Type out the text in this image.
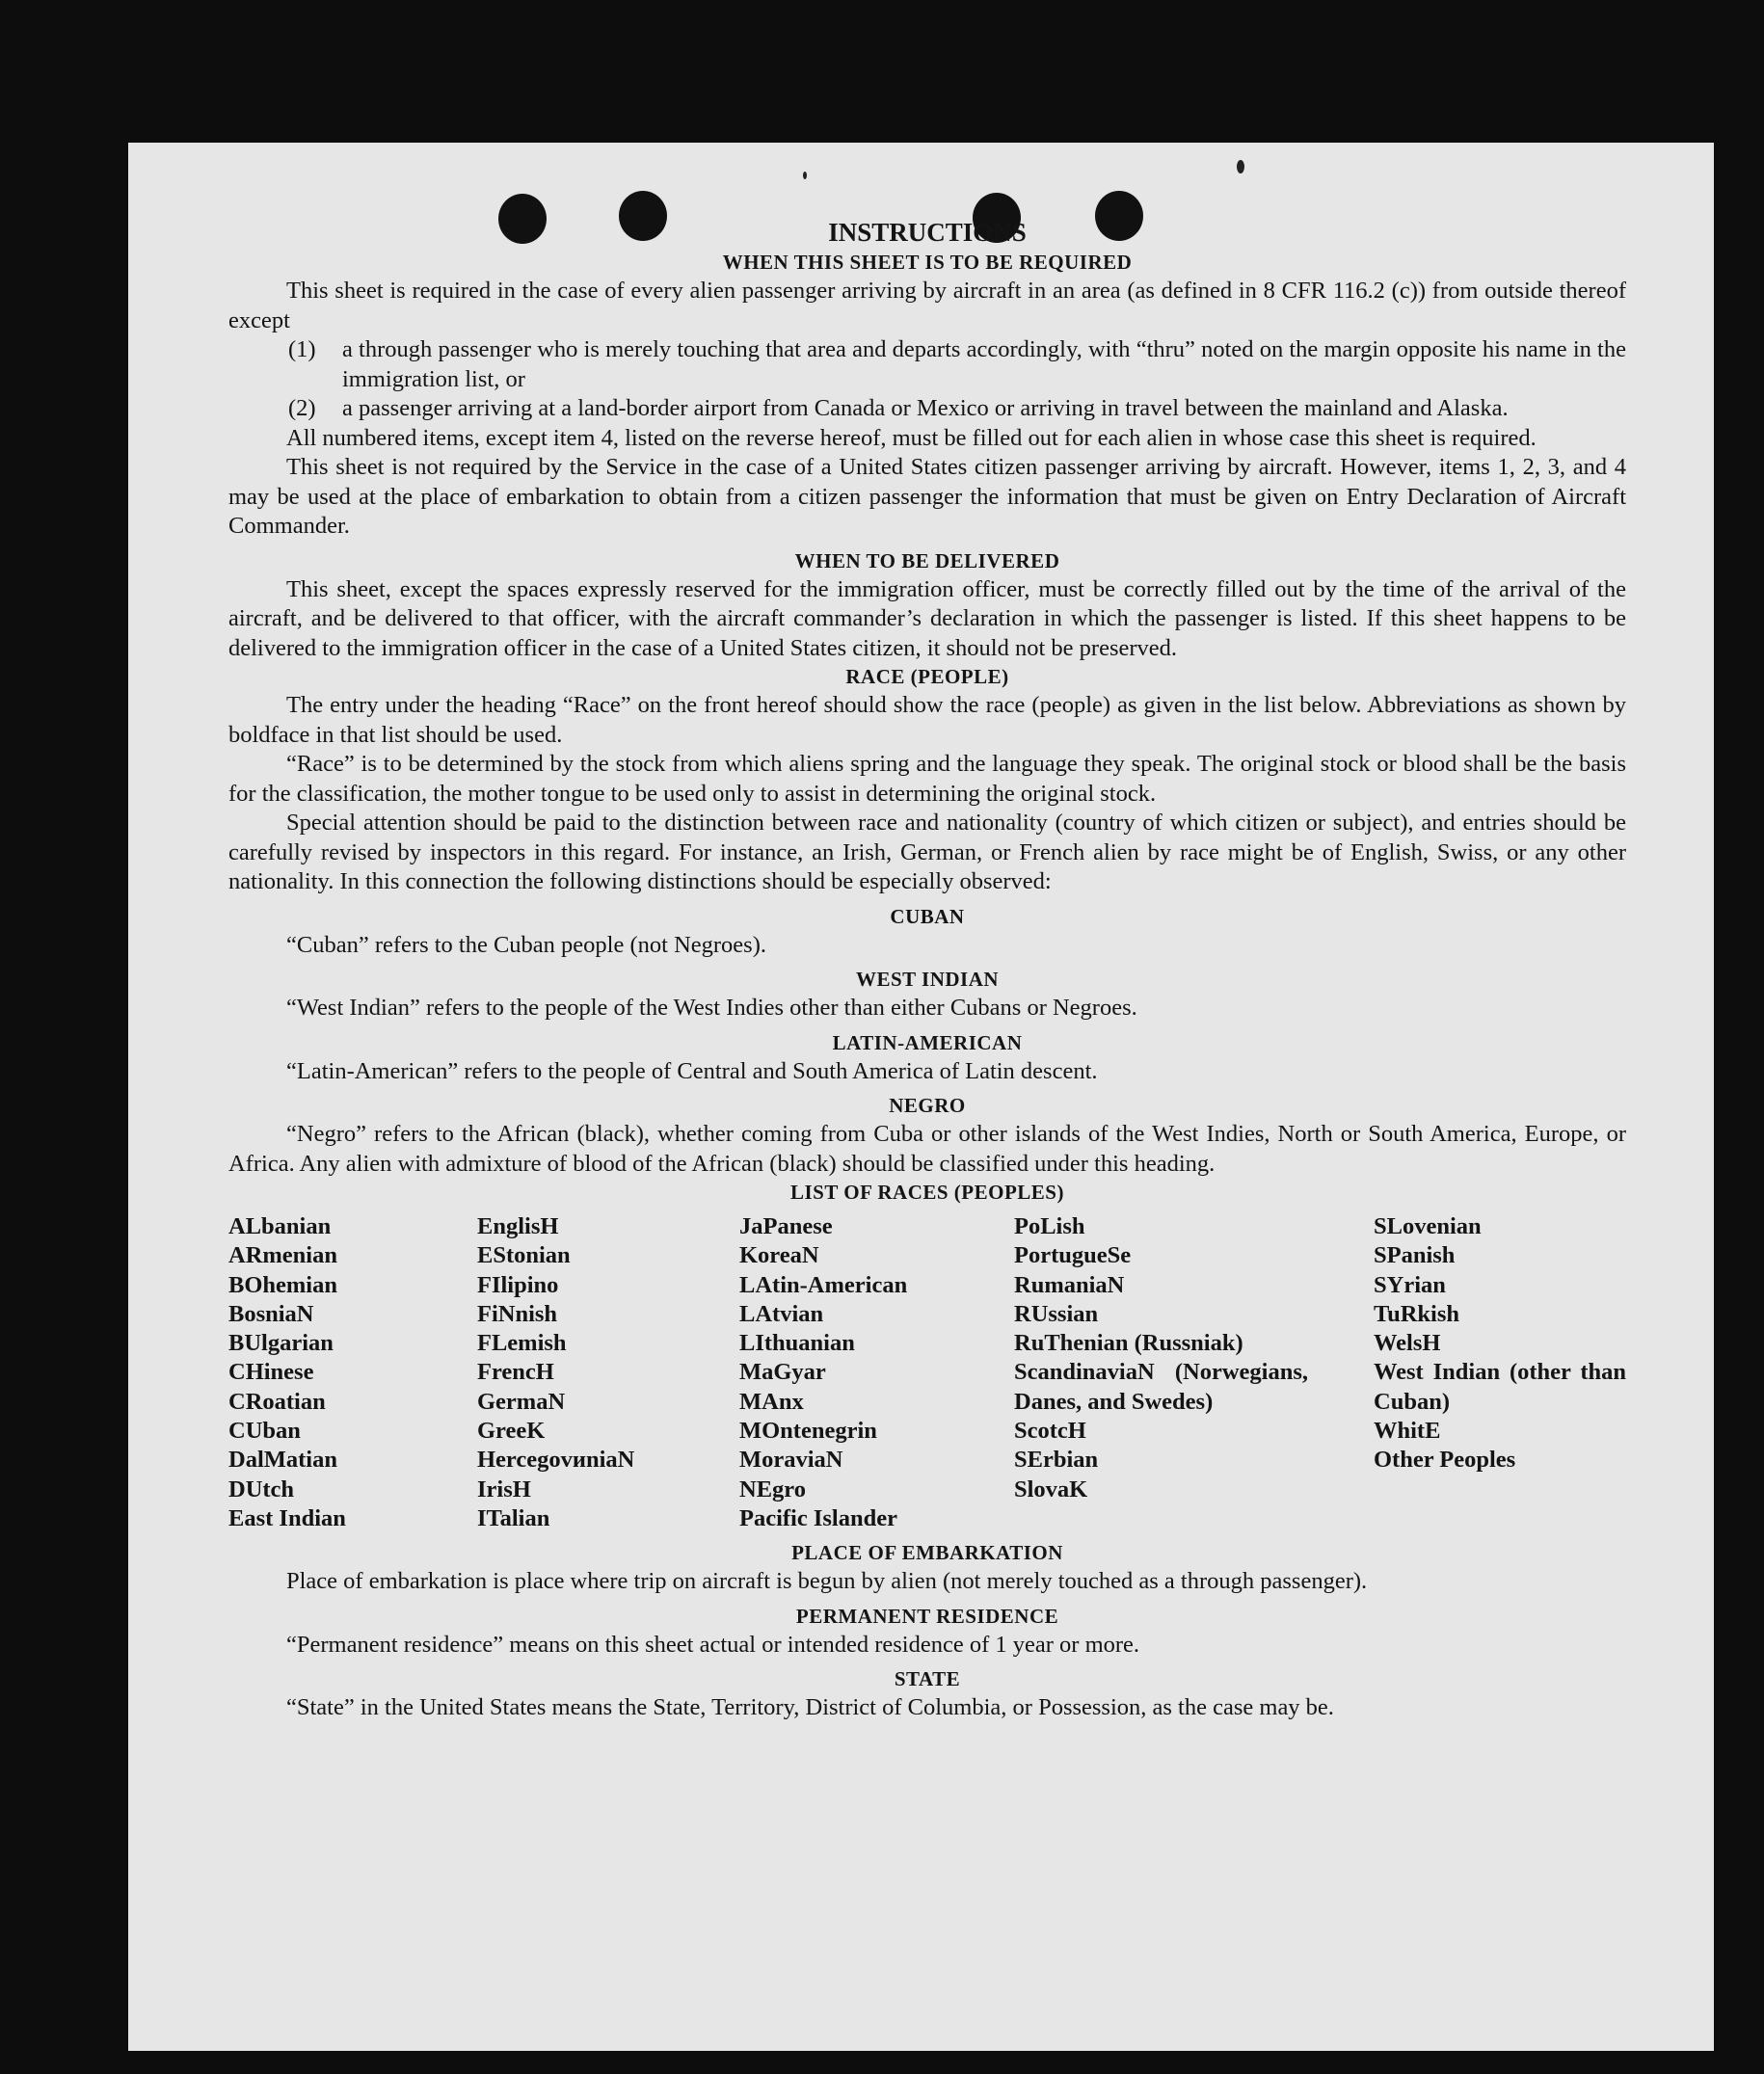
INSTRUCTIONS
WHEN THIS SHEET IS TO BE REQUIRED

This sheet is required in the case of every alien passenger arriving by aircraft in an area (as defined in 8 CFR 116.2 (c)) from outside thereof except

(1) a through passenger who is merely touching that area and departs accordingly, with “thru” noted on the margin opposite his name in the immigration list, or
(2) a passenger arriving at a land-border airport from Canada or Mexico or arriving in travel between the mainland and Alaska.

All numbered items, except item 4, listed on the reverse hereof, must be filled out for each alien in whose case this sheet is required.

This sheet is not required by the Service in the case of a United States citizen passenger arriving by aircraft. However, items 1, 2, 3, and 4 may be used at the place of embarkation to obtain from a citizen passenger the information that must be given on Entry Declaration of Aircraft Commander.

WHEN TO BE DELIVERED

This sheet, except the spaces expressly reserved for the immigration officer, must be correctly filled out by the time of the arrival of the aircraft, and be delivered to that officer, with the aircraft commander’s declaration in which the passenger is listed. If this sheet happens to be delivered to the immigration officer in the case of a United States citizen, it should not be preserved.

RACE (PEOPLE)

The entry under the heading “Race” on the front hereof should show the race (people) as given in the list below. Abbreviations as shown by boldface in that list should be used.

“Race” is to be determined by the stock from which aliens spring and the language they speak. The original stock or blood shall be the basis for the classification, the mother tongue to be used only to assist in determining the original stock.

Special attention should be paid to the distinction between race and nationality (country of which citizen or subject), and entries should be carefully revised by inspectors in this regard. For instance, an Irish, German, or French alien by race might be of English, Swiss, or any other nationality. In this connection the following distinctions should be especially observed:

CUBAN

“Cuban” refers to the Cuban people (not Negroes).

WEST INDIAN

“West Indian” refers to the people of the West Indies other than either Cubans or Negroes.

LATIN-AMERICAN

“Latin-American” refers to the people of Central and South America of Latin descent.

NEGRO

“Negro” refers to the African (black), whether coming from Cuba or other islands of the West Indies, North or South America, Europe, or Africa. Any alien with admixture of blood of the African (black) should be classified under this heading.

LIST OF RACES (PEOPLES)
ALbanian
ARmenian
BOhemian
BosniaN
BUlgarian
CHinese
CRoatian
CUban
DalMatian
DUtch
East Indian
EnglisH
EStonian
FIlipino
FiNnish
FLemish
FrencH
GermaN
GreeK
HercegovиniaN
IrisH
ITalian
JaPanese
KoreaN
LAtin-American
LAtvian
LIthuanian
MaGyar
MAnx
MOntenegrin
MoraviaN
NEgro
Pacific Islander
PoLish
PortugueSe
RumaniaN
RUssian
RuThenian (Russniak)
ScandinaviaN (Norwegians, Danes, and Swedes)
ScotcH
SErbian
SlovaK
SLovenian
SPanish
SYrian
TuRkish
WelsH
West Indian (other than Cuban)
WhitE
Other Peoples
PLACE OF EMBARKATION

Place of embarkation is place where trip on aircraft is begun by alien (not merely touched as a through passenger).

PERMANENT RESIDENCE

“Permanent residence” means on this sheet actual or intended residence of 1 year or more.

STATE

“State” in the United States means the State, Territory, District of Columbia, or Possession, as the case may be.
